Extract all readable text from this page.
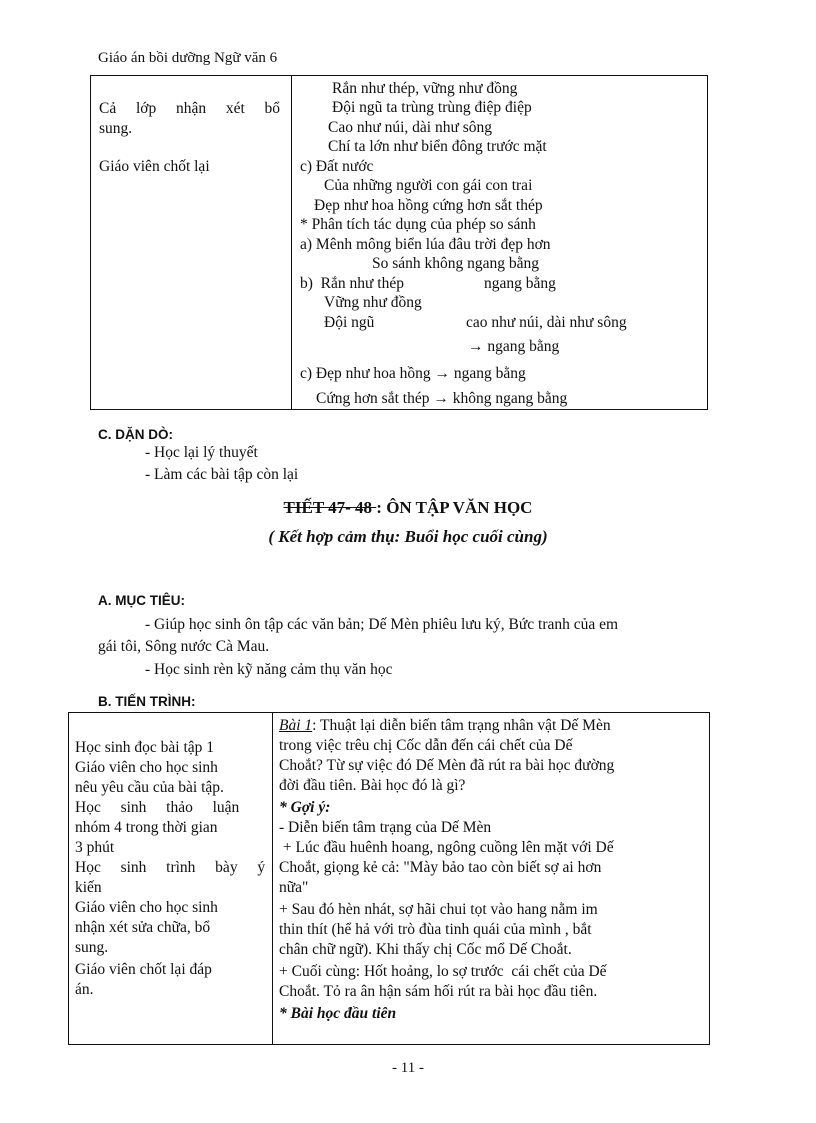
Giáo án bồi dưỡng Ngữ văn 6
Cả  lớp  nhận  xét  bổ
sung.
Giáo viên chốt lại

Rắn như thép, vững như đồng
Đội ngũ ta trùng trùng điệp điệp
Cao như núi, dài như sông
Chí ta lớn như biển đông trước mặt
c) Đất nước
Của những người con gái con trai
Đẹp như hoa hồng cứng hơn sắt thép
* Phân tích tác dụng của phép so sánh
a) Mênh mông biển lúa đâu trời đẹp hơn
So sánh không ngang bằng
b)  Rắn như thép	ngang bằng
Vững như đồng
Đội ngũ	cao như núi, dài như sông
→ ngang bằng
c) Đẹp như hoa hồng → ngang bằng
Cứng hơn sắt thép → không ngang bằng
C. DẶN DÒ:
- Học lại lý thuyết
- Làm các bài tập còn lại
TIẾT 47- 48 : ÔN TẬP VĂN HỌC
( Kết hợp cảm thụ: Buổi học cuối cùng)
A. MỤC TIÊU:
- Giúp học sinh ôn tập các văn bản; Dế Mèn phiêu lưu ký, Bức tranh của em
gái tôi, Sông nước Cà Mau.
- Học sinh rèn kỹ năng cảm thụ văn học
B. TIẾN TRÌNH:
Học sinh đọc bài tập 1
Giáo viên cho học sinh
nêu yêu cầu của bài tập.
Học  sinh  thảo  luận
nhóm 4 trong thời gian
3 phút
Học  sinh  trình  bày  ý
kiến
Giáo viên cho học sinh
nhận xét sửa chữa, bổ
sung.
Giáo viên chốt lại đáp
án.

Bài 1: Thuật lại diễn biến tâm trạng nhân vật Dế Mèn
trong việc trêu chị Cốc dẫn đến cái chết của Dế
Choắt? Từ sự việc đó Dế Mèn đã rút ra bài học đường
đời đầu tiên. Bài học đó là gì?
* Gợi ý:
- Diễn biến tâm trạng của Dế Mèn
+ Lúc đầu huênh hoang, ngông cuồng lên mặt với Dế
Choắt, giọng kẻ cả: "Mày bảo tao còn biết sợ ai hơn
nữa"
+ Sau đó hèn nhát, sợ hãi chui tọt vào hang nằm im
thin thít (hể hả với trò đùa tinh quái của mình , bắt
chân chữ ngữ). Khi thấy chị Cốc mổ Dế Choắt.
+ Cuối cùng: Hốt hoảng, lo sợ trước  cái chết của Dế
Choắt. Tỏ ra ân hận sám hối rút ra bài học đầu tiên.
* Bài học đầu tiên
- 11 -
